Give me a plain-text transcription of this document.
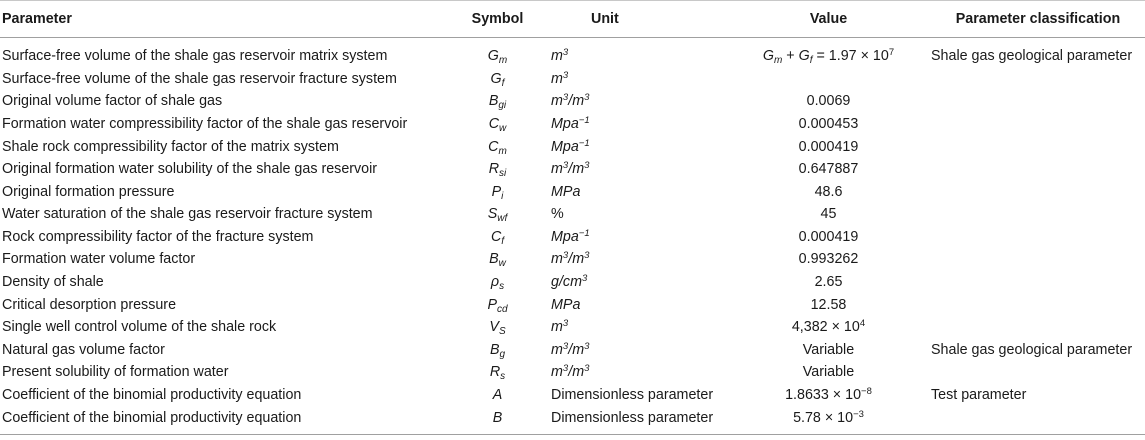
Parameter	Symbol	Unit	Value	Parameter classification
Surface-free volume of the shale gas reservoir matrix system	$G_m$	$m^3$	$G_m + G_f = 1.97 \times 10^7$	Shale gas geological parameter
Surface-free volume of the shale gas reservoir fracture system	$G_f$	$m^3$		
Original volume factor of shale gas	$B_{gi}$	$m^3/m^3$	0.0069	
Formation water compressibility factor of the shale gas reservoir	$C_w$	Mpa$^{-1}$	0.000453	
Shale rock compressibility factor of the matrix system	$C_m$	Mpa$^{-1}$	0.000419	
Original formation water solubility of the shale gas reservoir	$R_{si}$	$m^3/m^3$	0.647887	
Original formation pressure	$P_i$	MPa	48.6	
Water saturation of the shale gas reservoir fracture system	$S_{wf}$	%	45	
Rock compressibility factor of the fracture system	$C_f$	Mpa$^{-1}$	0.000419	
Formation water volume factor	$B_w$	$m^3/m^3$	0.993262	
Density of shale	$\rho_s$	$g/cm^3$	2.65	
Critical desorption pressure	$P_{cd}$	MPa	12.58	
Single well control volume of the shale rock	$V_S$	$m^3$	$4,382 \times 10^4$	
Natural gas volume factor	$B_g$	$m^3/m^3$	Variable	Shale gas geological parameter
Present solubility of formation water	$R_s$	$m^3/m^3$	Variable	
Coefficient of the binomial productivity equation	A	Dimensionless parameter	$1.8633 \times 10^{-8}$	Test parameter
Coefficient of the binomial productivity equation	B	Dimensionless parameter	$5.78 \times 10^{-3}$	
